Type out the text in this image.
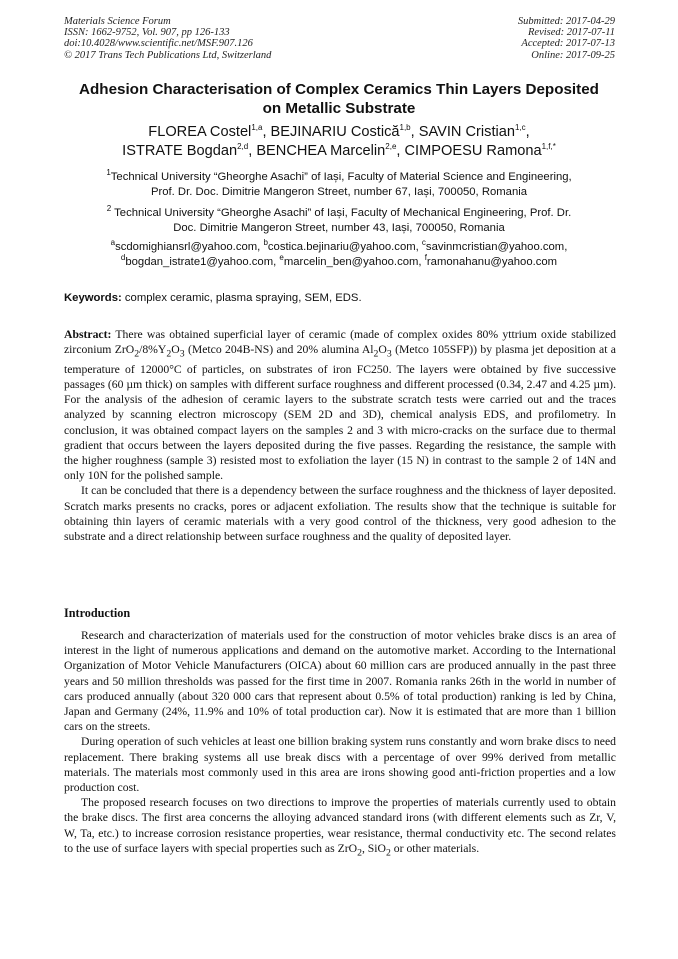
Materials Science Forum
ISSN: 1662-9752, Vol. 907, pp 126-133
doi:10.4028/www.scientific.net/MSF.907.126
© 2017 Trans Tech Publications Ltd, Switzerland
Submitted: 2017-04-29
Revised: 2017-07-11
Accepted: 2017-07-13
Online: 2017-09-25
Adhesion Characterisation of Complex Ceramics Thin Layers Deposited
on Metallic Substrate
FLOREA Costel$^{1,a}$, BEJINARIU Costică$^{1,b}$, SAVIN Cristian$^{1,c}$,
ISTRATE Bogdan$^{2,d}$, BENCHEA Marcelin$^{2,e}$, CIMPOESU Ramona$^{1,f,*}$
$^1$Technical University “Gheorghe Asachi” of Iași, Faculty of Material Science and Engineering,
Prof. Dr. Doc. Dimitrie Mangeron Street, number 67, Iași, 700050, Romania
$^2$ Technical University “Gheorghe Asachi” of Iași, Faculty of Mechanical Engineering, Prof. Dr.
Doc. Dimitrie Mangeron Street, number 43, Iași, 700050, Romania
$^a$scdomighiansrl@yahoo.com, $^b$costica.bejinariu@yahoo.com, $^c$savinmcristian@yahoo.com,
$^d$bogdan_istrate1@yahoo.com, $^e$marcelin_ben@yahoo.com, $^f$ramonahanu@yahoo.com
Keywords: complex ceramic, plasma spraying, SEM, EDS.

Abstract: There was obtained superficial layer of ceramic (made of complex oxides 80% yttrium oxide stabilized zirconium $ZrO_2/8\%Y_2O_3$ (Metco 204B-NS) and 20% alumina $Al_2O_3$ (Metco 105SFP)) by plasma jet deposition at a temperature of 12000°C of particles, on substrates of iron FC250. The layers were obtained by five successive passages (60 µm thick) on samples with different surface roughness and different processed (0.34, 2.47 and 4.25 µm). For the analysis of the adhesion of ceramic layers to the substrate scratch tests were carried out and the traces analyzed by scanning electron microscopy (SEM 2D and 3D), chemical analysis EDS, and profilometry. In conclusion, it was obtained compact layers on the samples 2 and 3 with micro-cracks on the surface due to thermal gradient that occurs between the layers deposited during the five passes. Regarding the resistance, the sample with the higher roughness (sample 3) resisted most to exfoliation the layer (15 N) in contrast to the sample 2 of 14N and only 10N for the polished sample.

It can be concluded that there is a dependency between the surface roughness and the thickness of layer deposited. Scratch marks presents no cracks, pores or adjacent exfoliation. The results show that the technique is suitable for obtaining thin layers of ceramic materials with a very good control of the thickness, very good adhesion to the substrate and a direct relationship between surface roughness and the quality of deposited layer.

Introduction

Research and characterization of materials used for the construction of motor vehicles brake discs is an area of interest in the light of numerous applications and demand on the automotive market. According to the International Organization of Motor Vehicle Manufacturers (OICA) about 60 million cars are produced annually in the past three years and 50 million thresholds was passed for the first time in 2007. Romania ranks 26th in the world in number of cars produced annually (about 320 000 cars that represent about 0.5% of total production) ranking is led by China, Japan and Germany (24%, 11.9% and 10% of total production car). Now it is estimated that are more than 1 billion cars on the streets.

During operation of such vehicles at least one billion braking system runs constantly and worn brake discs to need replacement. There braking systems all use break discs with a percentage of over 99% derived from metallic materials. The materials most commonly used in this area are irons showing good anti-friction properties and a low production cost.

The proposed research focuses on two directions to improve the properties of materials currently used to obtain the brake discs. The first area concerns the alloying advanced standard irons (with different elements such as Zr, V, W, Ta, etc.) to increase corrosion resistance properties, wear resistance, thermal conductivity etc. The second relates to the use of surface layers with special properties such as ZrO$_2$, SiO$_2$ or other materials.
